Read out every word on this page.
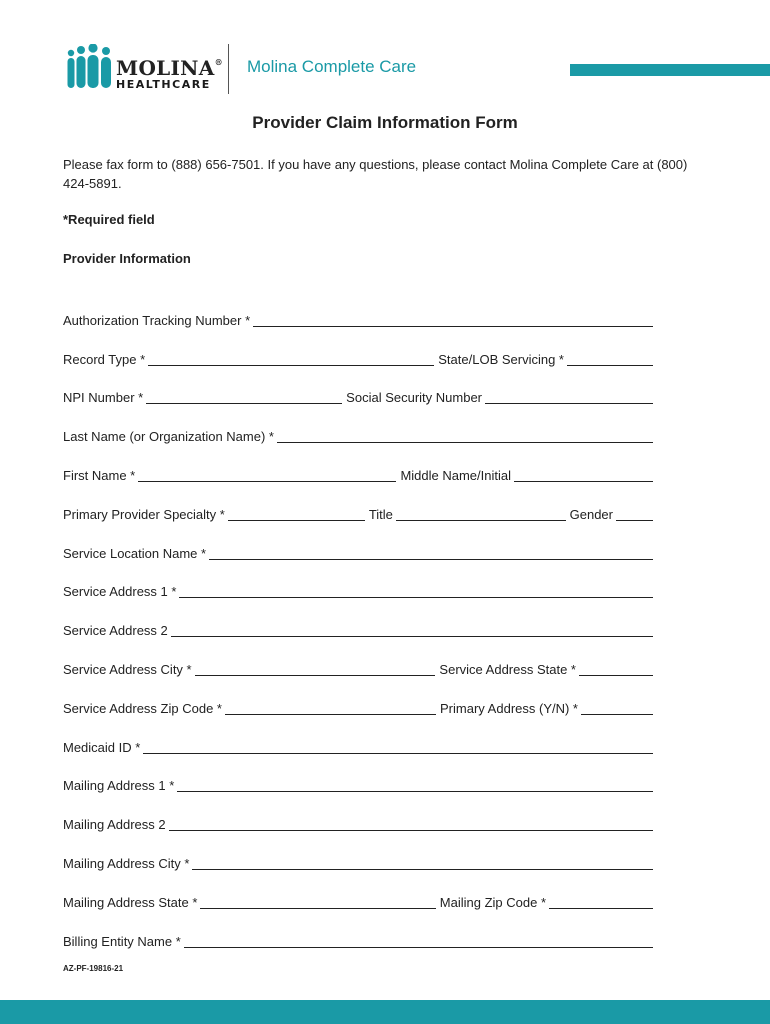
MOLINA®
HEALTHCARE
Molina Complete Care
Provider Claim Information Form

Please fax form to (888) 656-7501. If you have any questions, please contact Molina Complete Care at (800) 424-5891.

*Required field
Provider Information
Authorization Tracking Number *
Record Type *	State/LOB Servicing *
NPI Number *	Social Security Number
Last Name (or Organization Name) *
First Name *	Middle Name/Initial
Primary Provider Specialty *	Title	Gender
Service Location Name *
Service Address 1 *
Service Address 2
Service Address City *	Service Address State *
Service Address Zip Code *	Primary Address (Y/N) *
Medicaid ID *
Mailing Address 1 *
Mailing Address 2
Mailing Address City *
Mailing Address State *	Mailing Zip Code *
Billing Entity Name *
AZ-PF-19816-21
